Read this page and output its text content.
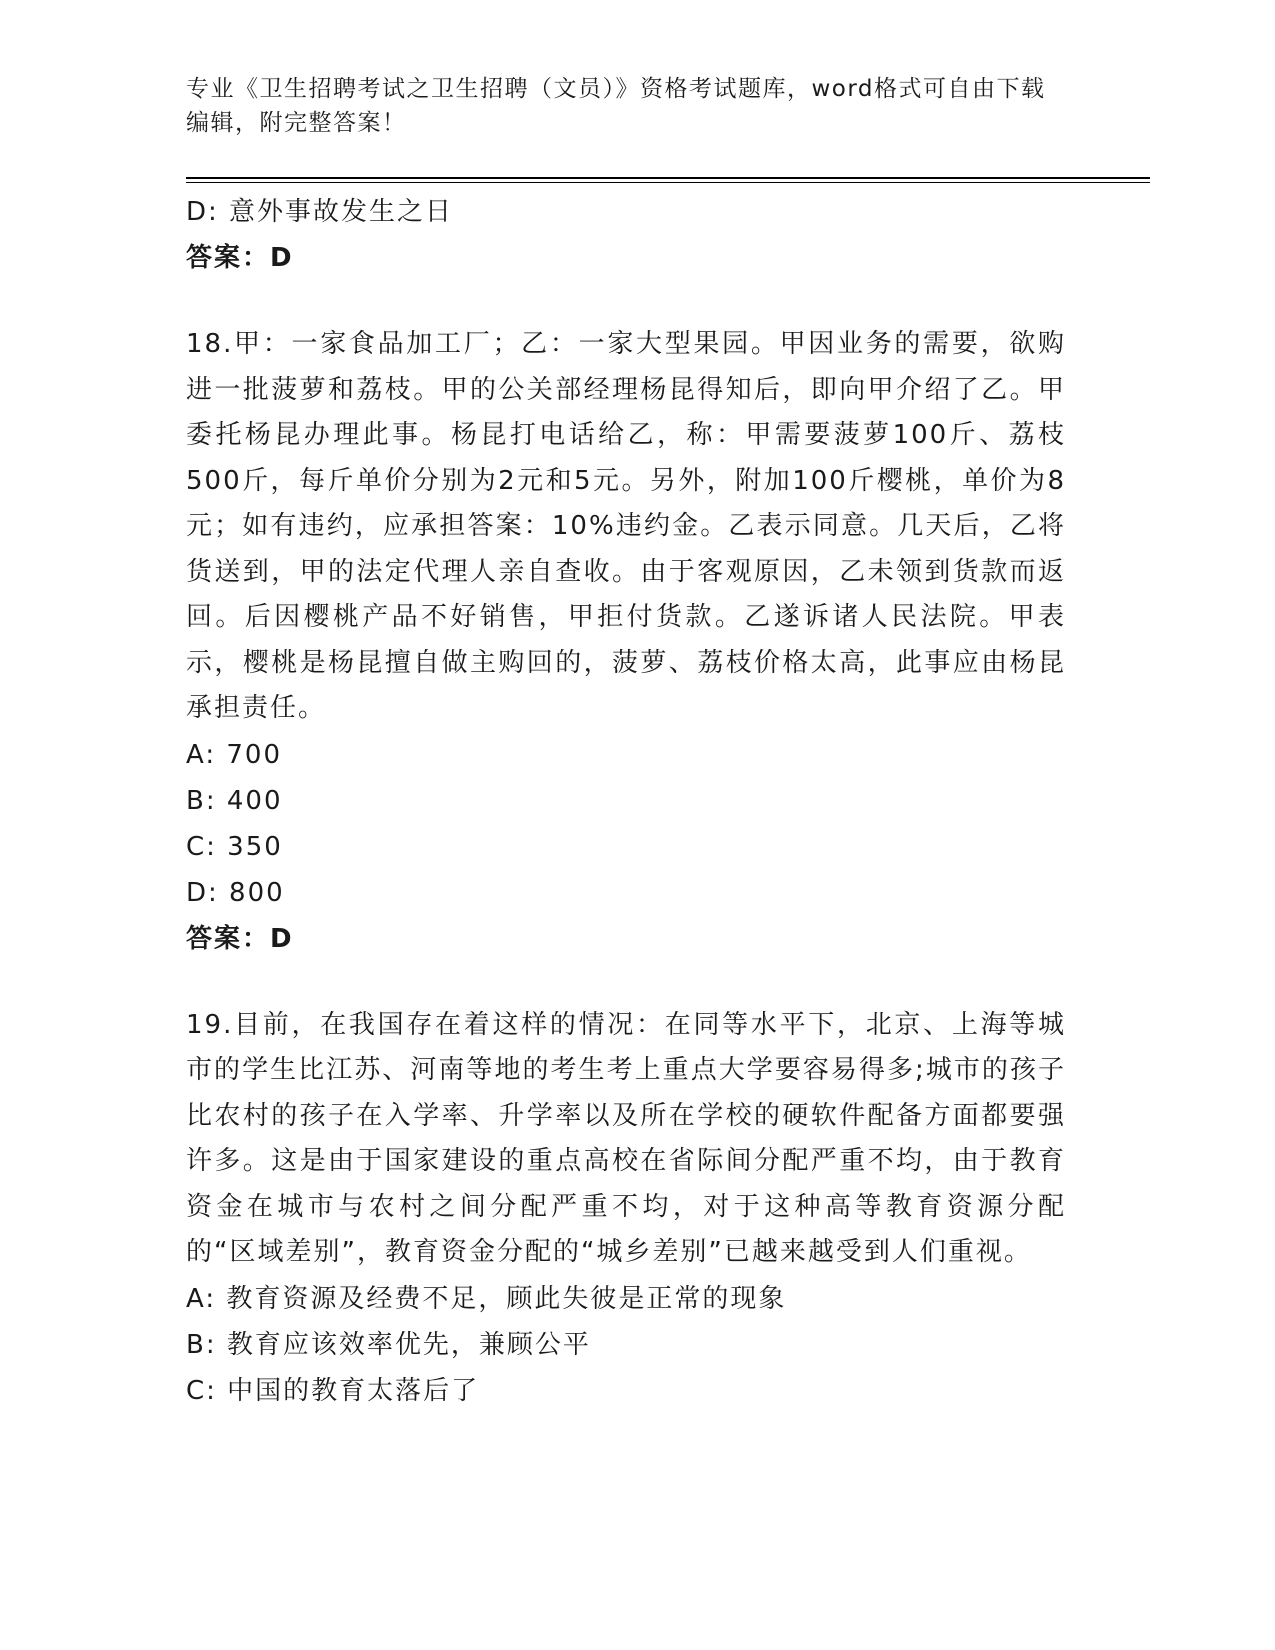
专业《卫生招聘考试之卫生招聘（文员）》资格考试题库，word格式可自由下载编辑，附完整答案！
D: 意外事故发生之日
答案：D
18.甲：一家食品加工厂；乙：一家大型果园。甲因业务的需要，欲购进一批菠萝和荔枝。甲的公关部经理杨昆得知后，即向甲介绍了乙。甲委托杨昆办理此事。杨昆打电话给乙，称：甲需要菠萝100斤、荔枝500斤，每斤单价分别为2元和5元。另外，附加100斤樱桃，单价为8元；如有违约，应承担答案：10%违约金。乙表示同意。几天后，乙将货送到，甲的法定代理人亲自查收。由于客观原因，乙未领到货款而返回。后因樱桃产品不好销售，甲拒付货款。乙遂诉诸人民法院。甲表示，樱桃是杨昆擅自做主购回的，菠萝、荔枝价格太高，此事应由杨昆承担责任。
A: 700
B: 400
C: 350
D: 800
答案：D
19.目前，在我国存在着这样的情况：在同等水平下，北京、上海等城市的学生比江苏、河南等地的考生考上重点大学要容易得多;城市的孩子比农村的孩子在入学率、升学率以及所在学校的硬软件配备方面都要强许多。这是由于国家建设的重点高校在省际间分配严重不均，由于教育资金在城市与农村之间分配严重不均，对于这种高等教育资源分配的“区域差别”，教育资金分配的“城乡差别”已越来越受到人们重视。
A: 教育资源及经费不足，顾此失彼是正常的现象
B: 教育应该效率优先，兼顾公平
C: 中国的教育太落后了
